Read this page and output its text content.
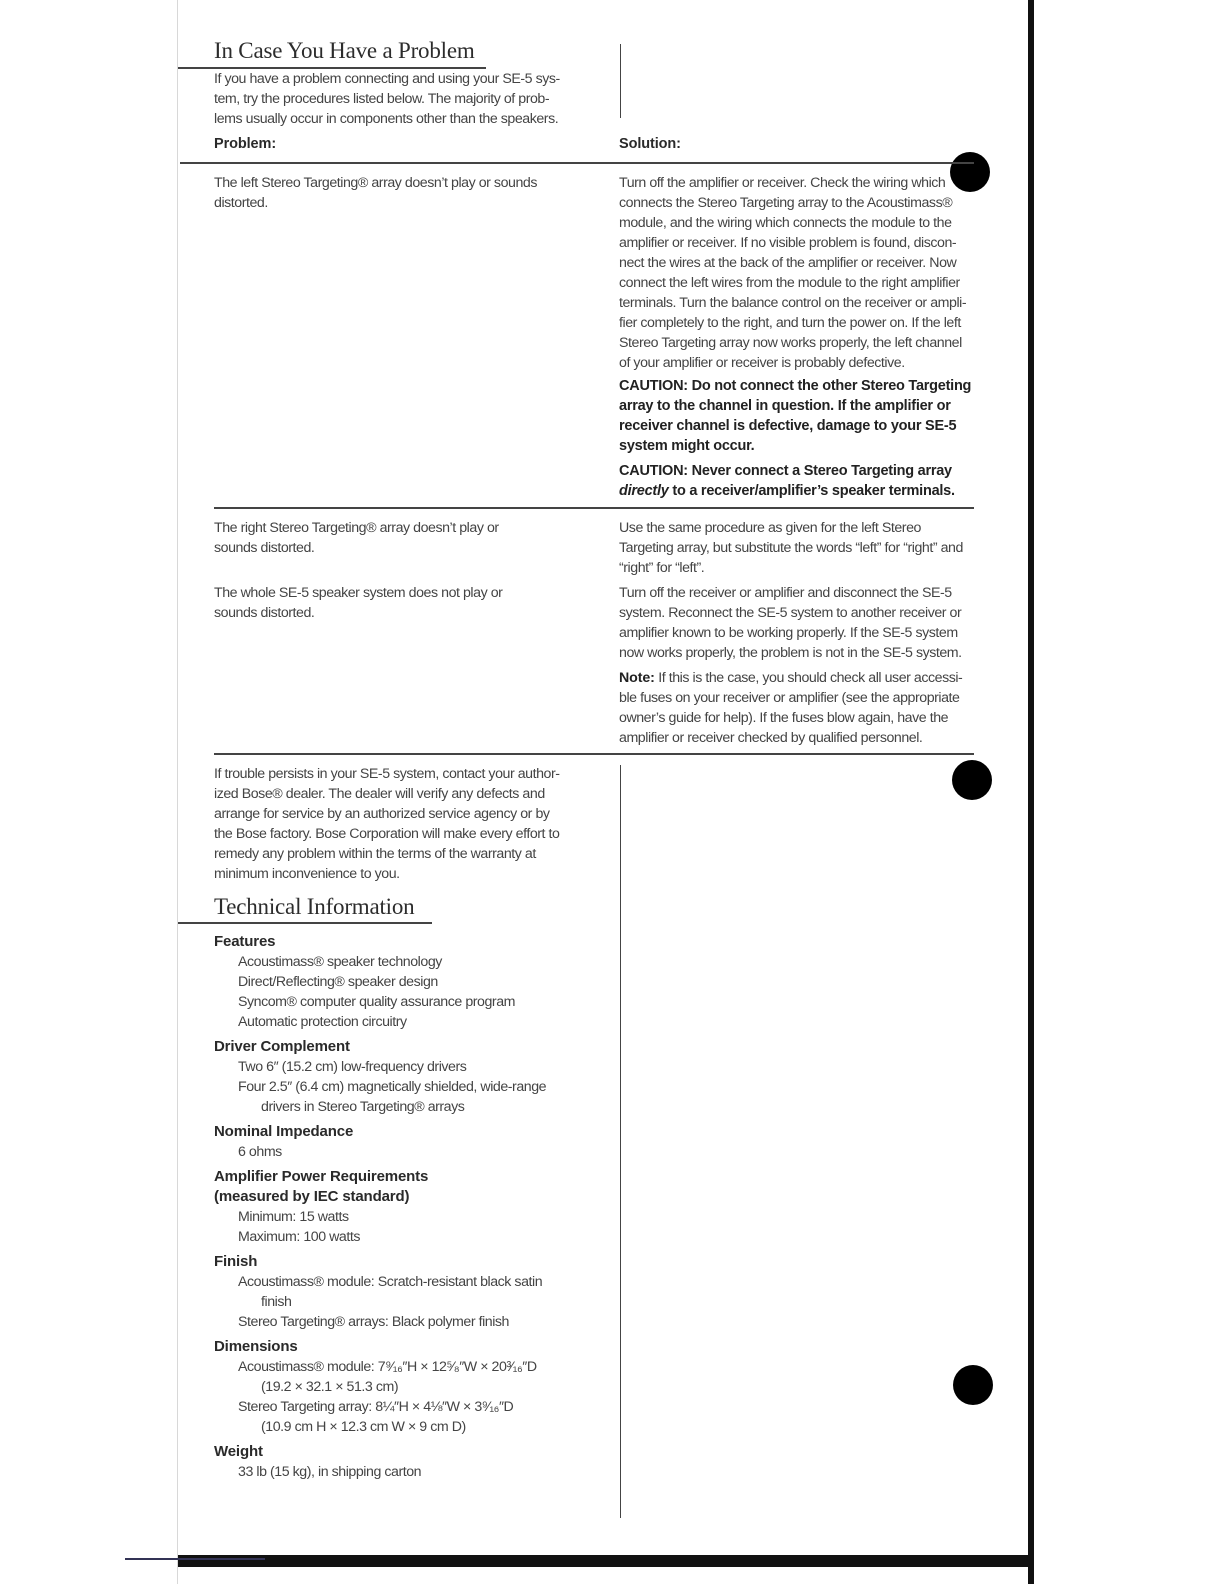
In Case You Have a Problem
If you have a problem connecting and using your SE-5 sys-
tem, try the procedures listed below. The majority of prob-
lems usually occur in components other than the speakers.
Problem:	Solution:
The left Stereo Targeting® array doesn’t play or sounds
distorted.
Turn off the amplifier or receiver. Check the wiring which
connects the Stereo Targeting array to the Acoustimass®
module, and the wiring which connects the module to the
amplifier or receiver. If no visible problem is found, discon-
nect the wires at the back of the amplifier or receiver. Now
connect the left wires from the module to the right amplifier
terminals. Turn the balance control on the receiver or ampli-
fier completely to the right, and turn the power on. If the left
Stereo Targeting array now works properly, the left channel
of your amplifier or receiver is probably defective.
CAUTION: Do not connect the other Stereo Targeting
array to the channel in question. If the amplifier or
receiver channel is defective, damage to your SE-5
system might occur.
CAUTION: Never connect a Stereo Targeting array
directly to a receiver/amplifier’s speaker terminals.
The right Stereo Targeting® array doesn’t play or
sounds distorted.
Use the same procedure as given for the left Stereo
Targeting array, but substitute the words “left” for “right” and
“right” for “left”.
The whole SE-5 speaker system does not play or
sounds distorted.
Turn off the receiver or amplifier and disconnect the SE-5
system. Reconnect the SE-5 system to another receiver or
amplifier known to be working properly. If the SE-5 system
now works properly, the problem is not in the SE-5 system.
Note: If this is the case, you should check all user accessi-
ble fuses on your receiver or amplifier (see the appropriate
owner’s guide for help). If the fuses blow again, have the
amplifier or receiver checked by qualified personnel.
If trouble persists in your SE-5 system, contact your author-
ized Bose® dealer. The dealer will verify any defects and
arrange for service by an authorized service agency or by
the Bose factory. Bose Corporation will make every effort to
remedy any problem within the terms of the warranty at
minimum inconvenience to you.
Technical Information
Features
Acoustimass® speaker technology
Direct/Reflecting® speaker design
Syncom® computer quality assurance program
Automatic protection circuitry
Driver Complement
Two 6″ (15.2 cm) low-frequency drivers
Four 2.5″ (6.4 cm) magnetically shielded, wide-range
drivers in Stereo Targeting® arrays
Nominal Impedance
6 ohms
Amplifier Power Requirements
(measured by IEC standard)
Minimum: 15 watts
Maximum: 100 watts
Finish
Acoustimass® module: Scratch-resistant black satin
finish
Stereo Targeting® arrays: Black polymer finish
Dimensions
Acoustimass® module: 7⁹⁄₁₆″H × 12⁵⁄₈″W × 20³⁄₁₆″D
(19.2 × 32.1 × 51.3 cm)
Stereo Targeting array: 8¼″H × 4⅛″W × 3⁹⁄₁₆″D
(10.9 cm H × 12.3 cm W × 9 cm D)
Weight
33 lb (15 kg), in shipping carton
